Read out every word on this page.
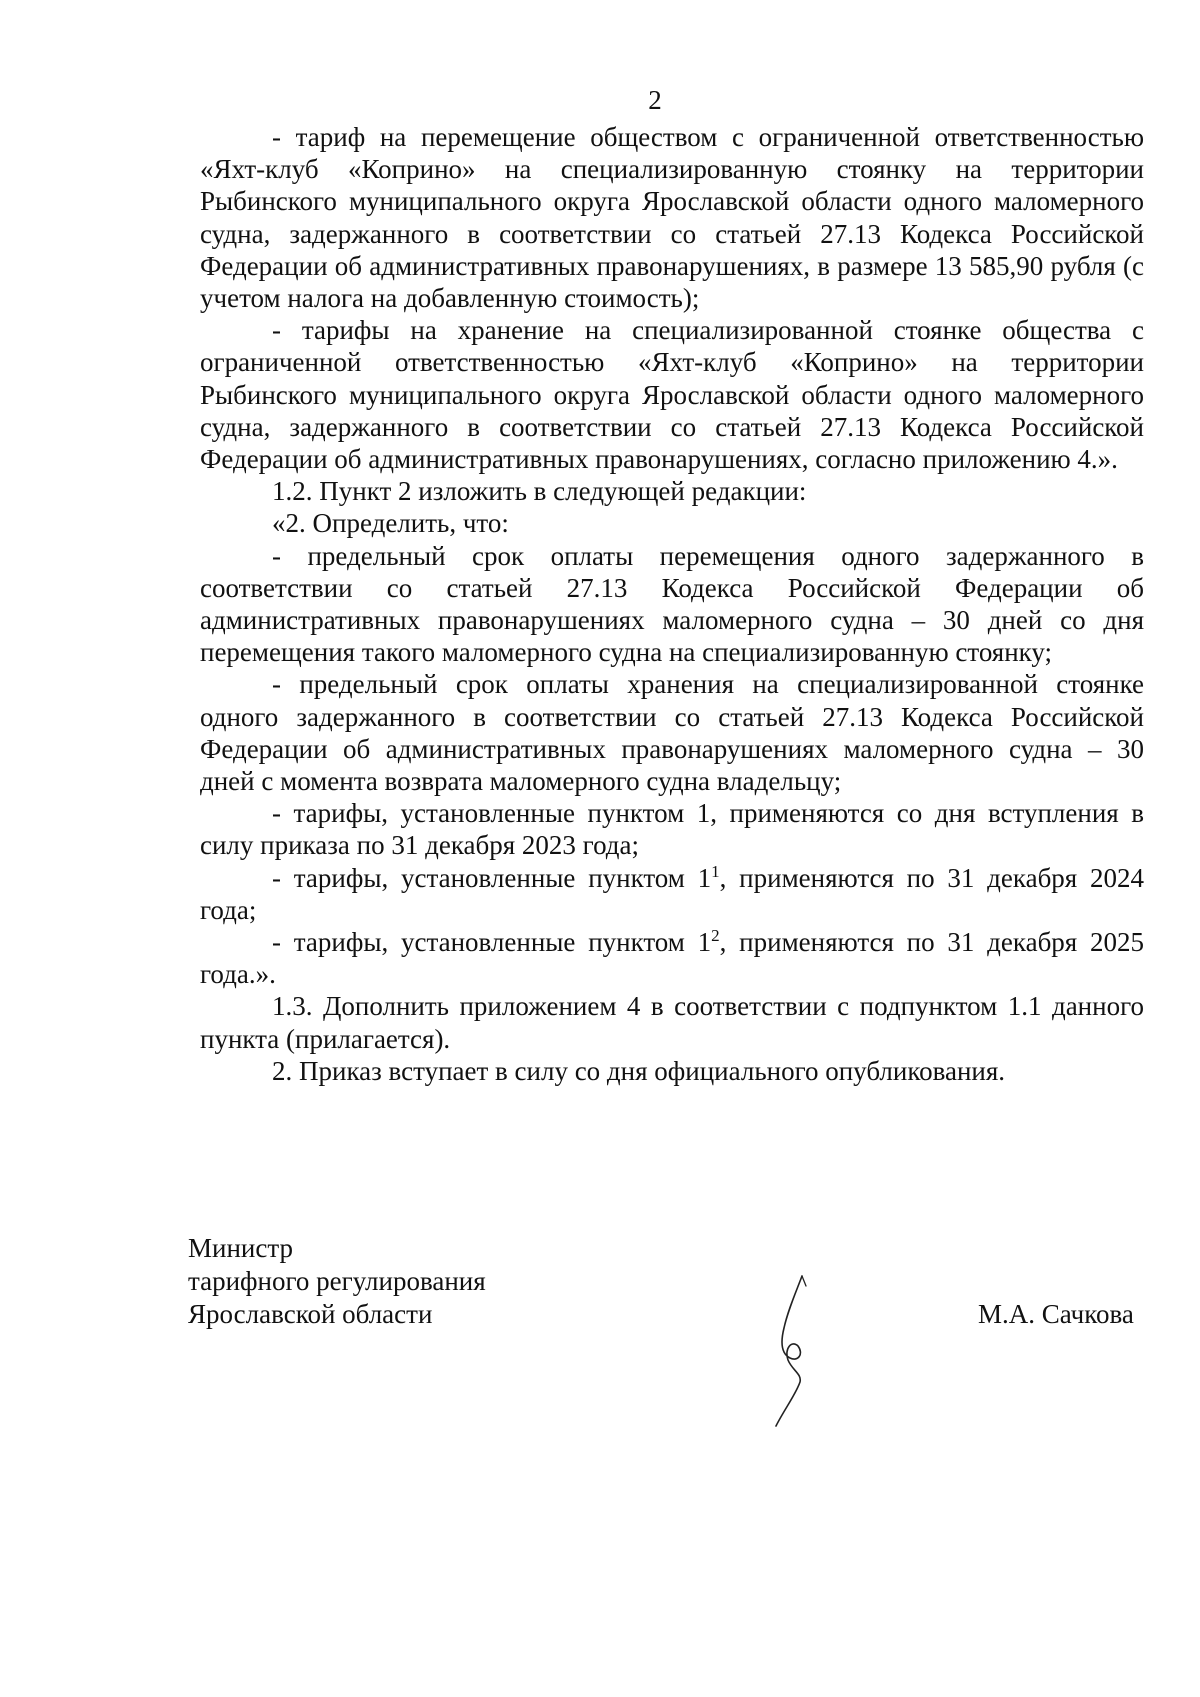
2

- тариф на перемещение обществом с ограниченной ответственностью «Яхт-клуб «Коприно» на специализированную стоянку на территории Рыбинского муниципального округа Ярославской области одного маломерного судна, задержанного в соответствии со статьей 27.13 Кодекса Российской Федерации об административных правонарушениях, в размере 13 585,90 рубля (с учетом налога на добавленную стоимость);

- тарифы на хранение на специализированной стоянке общества с ограниченной ответственностью «Яхт-клуб «Коприно» на территории Рыбинского муниципального округа Ярославской области одного маломерного судна, задержанного в соответствии со статьей 27.13 Кодекса Российской Федерации об административных правонарушениях, согласно приложению 4.».

1.2. Пункт 2 изложить в следующей редакции:

«2. Определить, что:

- предельный срок оплаты перемещения одного задержанного в соответствии со статьей 27.13 Кодекса Российской Федерации об административных правонарушениях маломерного судна – 30 дней со дня перемещения такого маломерного судна на специализированную стоянку;

- предельный срок оплаты хранения на специализированной стоянке одного задержанного в соответствии со статьей 27.13 Кодекса Российской Федерации об административных правонарушениях маломерного судна – 30 дней с момента возврата маломерного судна владельцу;

- тарифы, установленные пунктом 1, применяются со дня вступления в силу приказа по 31 декабря 2023 года;

- тарифы, установленные пунктом $1^1$, применяются по 31 декабря 2024 года;

- тарифы, установленные пунктом $1^2$, применяются по 31 декабря 2025 года.».

1.3. Дополнить приложением 4 в соответствии с подпунктом 1.1 данного пункта (прилагается).

2. Приказ вступает в силу со дня официального опубликования.

Министр
тарифного регулирования
Ярославской области	М.А. Сачкова
